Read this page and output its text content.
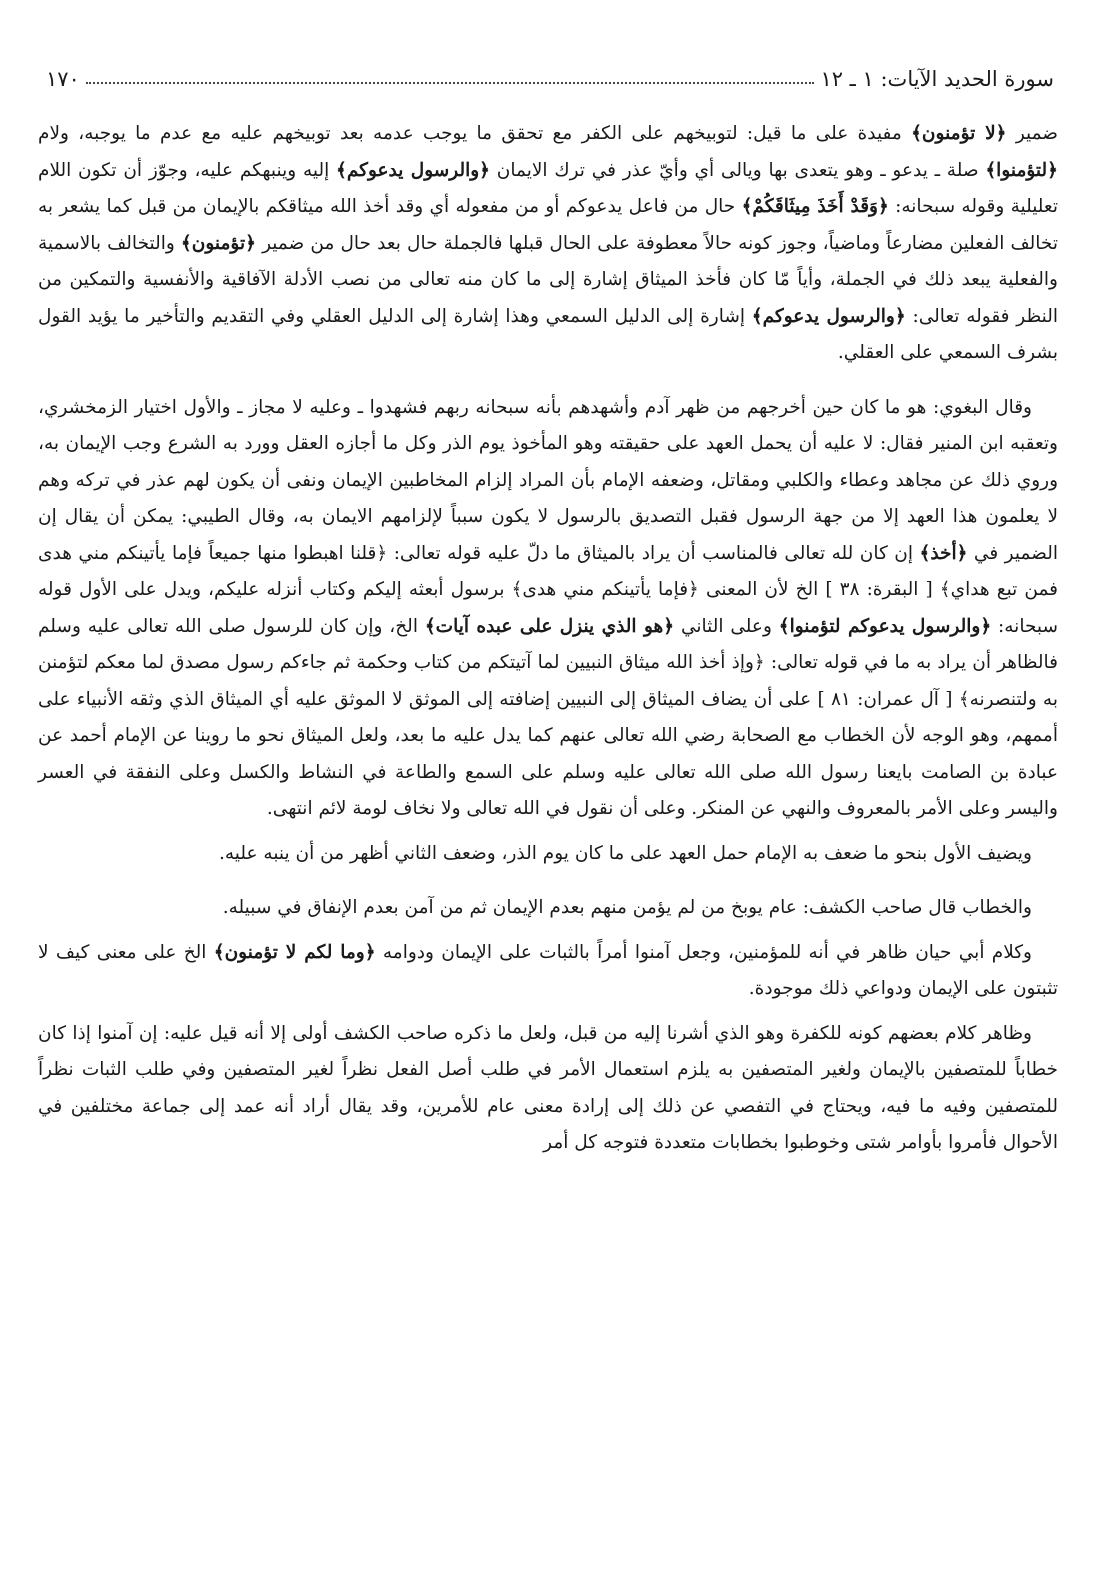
سورة الحديد الآيات: ١ ـ ١٢
١٧٠

ضمير ﴿لا تؤمنون﴾ مفيدة على ما قيل: لتوبيخهم على الكفر مع تحقق ما يوجب عدمه بعد توبيخهم عليه مع عدم ما يوجبه، ولام ﴿لتؤمنوا﴾ صلة ـ يدعو ـ وهو يتعدى بها ويالى أي وأيّ عذر في ترك الايمان ﴿والرسول يدعوكم﴾ إليه وينبهكم عليه، وجوّز أن تكون اللام تعليلية وقوله سبحانه: ﴿وَقَدْ أَخَذَ مِيثَاقَكُمْ﴾ حال من فاعل يدعوكم أو من مفعوله أي وقد أخذ الله ميثاقكم بالإيمان من قبل كما يشعر به تخالف الفعلين مضارعاً وماضياً، وجوز كونه حالاً معطوفة على الحال قبلها فالجملة حال بعد حال من ضمير ﴿تؤمنون﴾ والتخالف بالاسمية والفعلية يبعد ذلك في الجملة، وأياً مّا كان فأخذ الميثاق إشارة إلى ما كان منه تعالى من نصب الأدلة الآفاقية والأنفسية والتمكين من النظر فقوله تعالى: ﴿والرسول يدعوكم﴾ إشارة إلى الدليل السمعي وهذا إشارة إلى الدليل العقلي وفي التقديم والتأخير ما يؤيد القول بشرف السمعي على العقلي.

وقال البغوي: هو ما كان حين أخرجهم من ظهر آدم وأشهدهم بأنه سبحانه ربهم فشهدوا ـ وعليه لا مجاز ـ والأول اختيار الزمخشري، وتعقبه ابن المنير فقال: لا عليه أن يحمل العهد على حقيقته وهو المأخوذ يوم الذر وكل ما أجازه العقل وورد به الشرع وجب الإيمان به، وروي ذلك عن مجاهد وعطاء والكلبي ومقاتل، وضعفه الإمام بأن المراد إلزام المخاطبين الإيمان ونفى أن يكون لهم عذر في تركه وهم لا يعلمون هذا العهد إلا من جهة الرسول فقبل التصديق بالرسول لا يكون سبباً لإلزامهم الايمان به، وقال الطيبي: يمكن أن يقال إن الضمير في ﴿أخذ﴾ إن كان لله تعالى فالمناسب أن يراد بالميثاق ما دلّ عليه قوله تعالى: ﴿قلنا اهبطوا منها جميعاً فإما يأتينكم مني هدى فمن تبع هداي﴾ [ البقرة: ٣٨ ] الخ لأن المعنى ﴿فإما يأتينكم مني هدى﴾ برسول أبعثه إليكم وكتاب أنزله عليكم، ويدل على الأول قوله سبحانه: ﴿والرسول يدعوكم لتؤمنوا﴾ وعلى الثاني ﴿هو الذي ينزل على عبده آيات﴾ الخ، وإن كان للرسول صلى الله تعالى عليه وسلم فالظاهر أن يراد به ما في قوله تعالى: ﴿وإذ أخذ الله ميثاق النبيين لما آتيتكم من كتاب وحكمة ثم جاءكم رسول مصدق لما معكم لتؤمنن به ولتنصرنه﴾ [ آل عمران: ٨١ ] على أن يضاف الميثاق إلى النبيين إضافته إلى الموثق لا الموثق عليه أي الميثاق الذي وثقه الأنبياء على أممهم، وهو الوجه لأن الخطاب مع الصحابة رضي الله تعالى عنهم كما يدل عليه ما بعد، ولعل الميثاق نحو ما روينا عن الإمام أحمد عن عبادة بن الصامت بايعنا رسول الله صلى الله تعالى عليه وسلم على السمع والطاعة في النشاط والكسل وعلى النفقة في العسر واليسر وعلى الأمر بالمعروف والنهي عن المنكر. وعلى أن نقول في الله تعالى ولا نخاف لومة لائم انتهى.

ويضيف الأول بنحو ما ضعف به الإمام حمل العهد على ما كان يوم الذر، وضعف الثاني أظهر من أن ينبه عليه.

والخطاب قال صاحب الكشف: عام يوبخ من لم يؤمن منهم بعدم الإيمان ثم من آمن بعدم الإنفاق في سبيله.

وكلام أبي حيان ظاهر في أنه للمؤمنين، وجعل آمنوا أمراً بالثبات على الإيمان ودوامه ﴿وما لكم لا تؤمنون﴾ الخ على معنى كيف لا تثبتون على الإيمان ودواعي ذلك موجودة.

وظاهر كلام بعضهم كونه للكفرة وهو الذي أشرنا إليه من قبل، ولعل ما ذكره صاحب الكشف أولى إلا أنه قيل عليه: إن آمنوا إذا كان خطاباً للمتصفين بالإيمان ولغير المتصفين به يلزم استعمال الأمر في طلب أصل الفعل نظراً لغير المتصفين وفي طلب الثبات نظراً للمتصفين وفيه ما فيه، ويحتاج في التفصي عن ذلك إلى إرادة معنى عام للأمرين، وقد يقال أراد أنه عمد إلى جماعة مختلفين في الأحوال فأمروا بأوامر شتى وخوطبوا بخطابات متعددة فتوجه كل أمر
